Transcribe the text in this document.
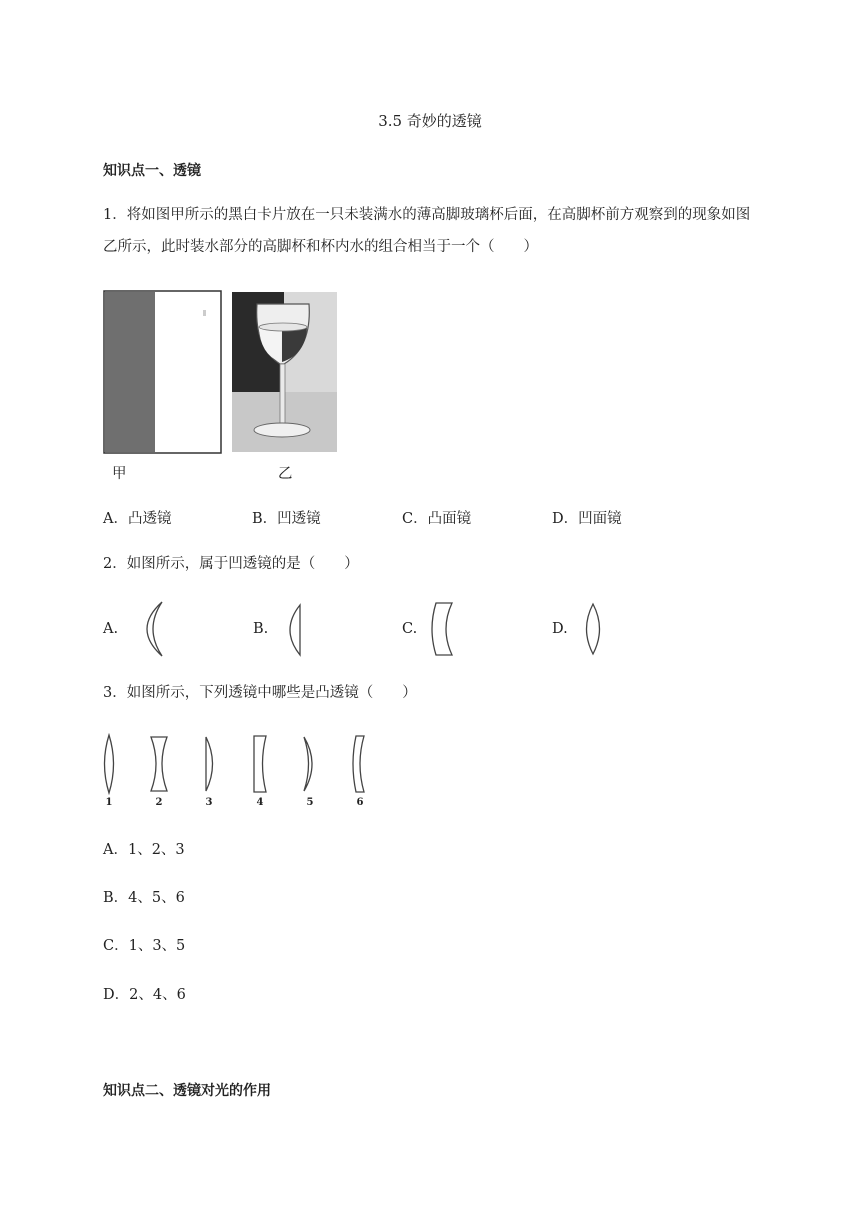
3.5 奇妙的透镜
知识点一、透镜
1．将如图甲所示的黑白卡片放在一只未装满水的薄高脚玻璃杯后面，在高脚杯前方观察到的现象如图乙所示，此时装水部分的高脚杯和杯内水的组合相当于一个（　　）
甲	乙
A．凸透镜	B．凹透镜	C．凸面镜	D．凹面镜
2．如图所示，属于凹透镜的是（　　）
A.	B.	C.	D.
3．如图所示，下列透镜中哪些是凸透镜（　　）
1	2	3	4	5	6
A．1、2、3
B．4、5、6
C．1、3、5
D．2、4、6
知识点二、透镜对光的作用
